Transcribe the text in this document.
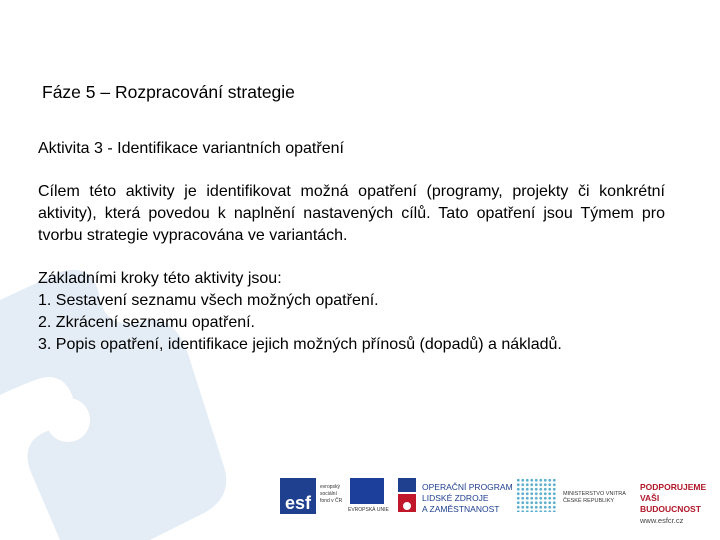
Fáze 5 – Rozpracování strategie
Aktivita 3 - Identifikace variantních opatření
Cílem této aktivity je identifikovat možná opatření (programy, projekty či konkrétní aktivity), která povedou k naplnění nastavených cílů. Tato opatření jsou Týmem pro tvorbu strategie vypracována ve variantách.
Základními kroky této aktivity jsou:
1. Sestavení seznamu všech možných opatření.
2. Zkrácení seznamu opatření.
3. Popis opatření, identifikace jejich možných přínosů (dopadů) a nákladů.
esf
evropský sociální fond v ČR
EVROPSKÁ UNIE
OPERAČNÍ PROGRAM
LIDSKÉ ZDROJE
A ZAMĚSTNANOST
MINISTERSTVO VNITRA
ČESKÉ REPUBLIKY
PODPORUJEME
VAŠI BUDOUCNOST
www.esfcr.cz
